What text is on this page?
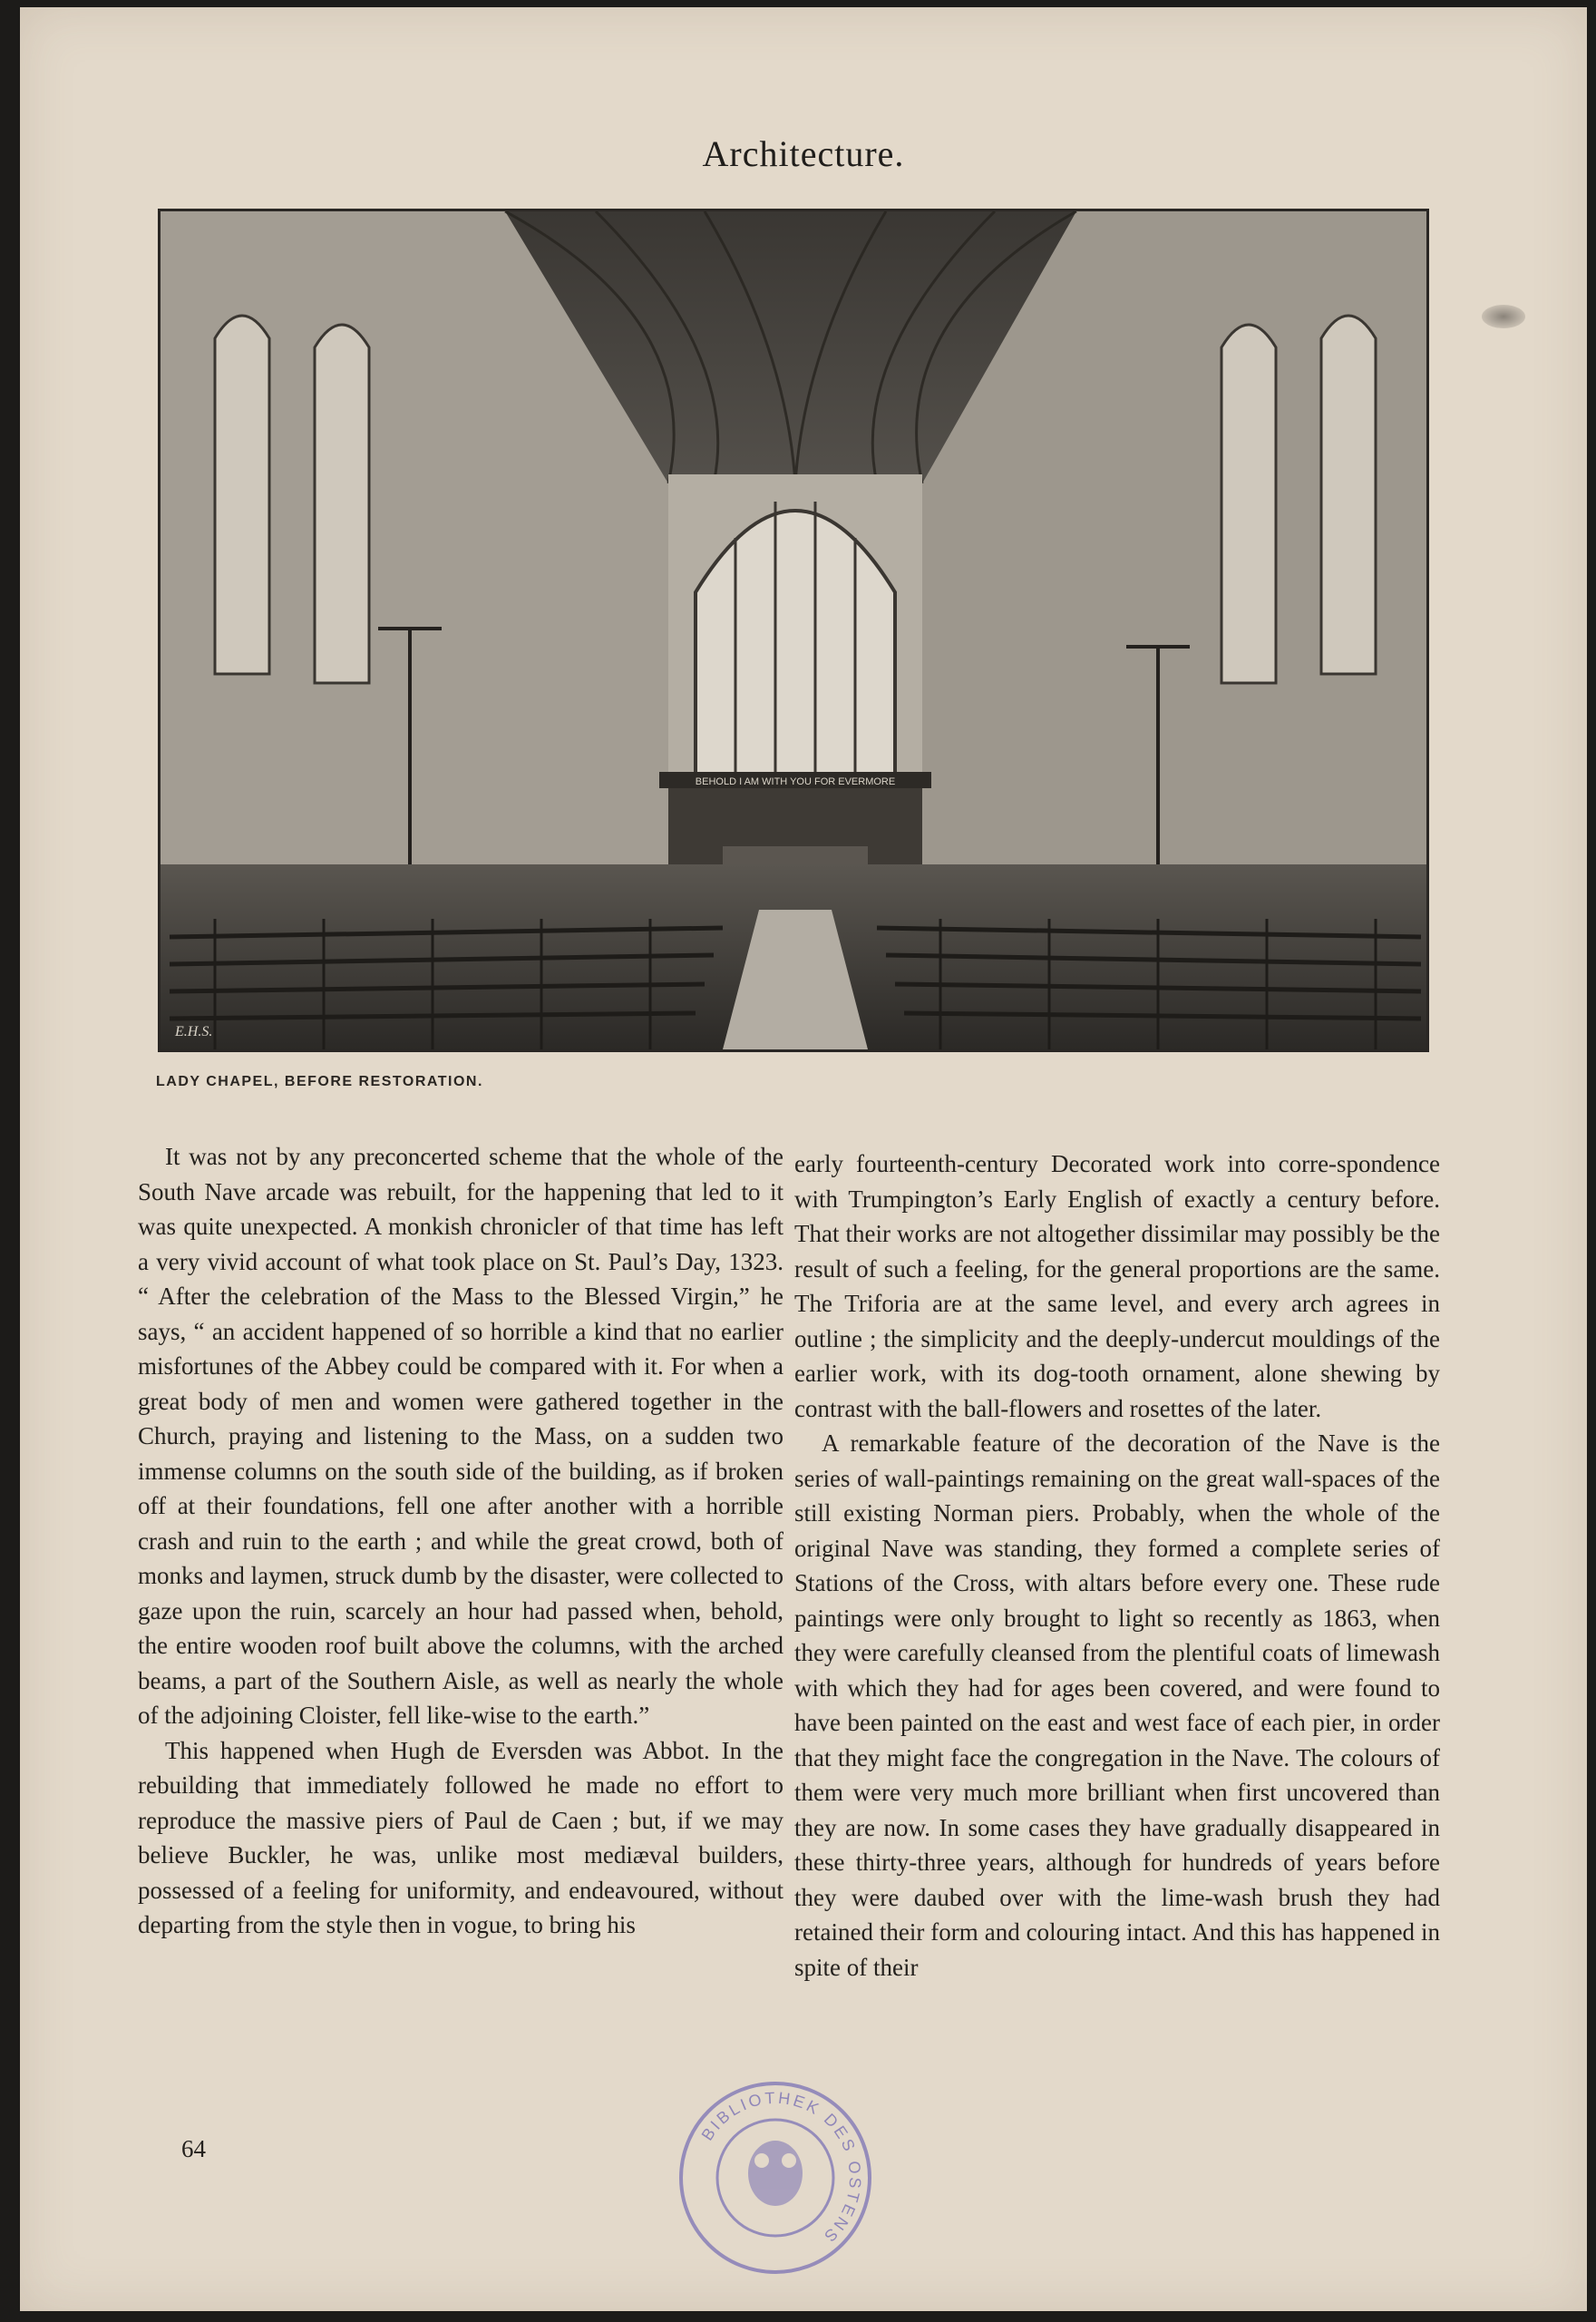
Architecture.
BEHOLD I AM WITH YOU FOR EVERMORE
E.H.S.
LADY CHAPEL, BEFORE RESTORATION.

It was not by any preconcerted scheme that the whole of the South Nave arcade was rebuilt, for the happening that led to it was quite unexpected. A monkish chronicler of that time has left a very vivid account of what took place on St. Paul’s Day, 1323. “ After the celebration of the Mass to the Blessed Virgin,” he says, “ an accident happened of so horrible a kind that no earlier misfortunes of the Abbey could be compared with it. For when a great body of men and women were gathered together in the Church, praying and listening to the Mass, on a sudden two immense columns on the south side of the building, as if broken off at their foundations, fell one after another with a horrible crash and ruin to the earth ; and while the great crowd, both of monks and laymen, struck dumb by the disaster, were collected to gaze upon the ruin, scarcely an hour had passed when, behold, the entire wooden roof built above the columns, with the arched beams, a part of the Southern Aisle, as well as nearly the whole of the adjoining Cloister, fell like-wise to the earth.”

This happened when Hugh de Eversden was Abbot. In the rebuilding that immediately followed he made no effort to reproduce the massive piers of Paul de Caen ; but, if we may believe Buckler, he was, unlike most mediæval builders, possessed of a feeling for uniformity, and endeavoured, without departing from the style then in vogue, to bring his

early fourteenth-century Decorated work into corre-spondence with Trumpington’s Early English of exactly a century before. That their works are not altogether dissimilar may possibly be the result of such a feeling, for the general proportions are the same. The Triforia are at the same level, and every arch agrees in outline ; the simplicity and the deeply-undercut mouldings of the earlier work, with its dog-tooth ornament, alone shewing by contrast with the ball-flowers and rosettes of the later.

A remarkable feature of the decoration of the Nave is the series of wall-paintings remaining on the great wall-spaces of the still existing Norman piers. Probably, when the whole of the original Nave was standing, they formed a complete series of Stations of the Cross, with altars before every one. These rude paintings were only brought to light so recently as 1863, when they were carefully cleansed from the plentiful coats of limewash with which they had for ages been covered, and were found to have been painted on the east and west face of each pier, in order that they might face the congregation in the Nave. The colours of them were very much more brilliant when first uncovered than they are now. In some cases they have gradually disappeared in these thirty-three years, although for hundreds of years before they were daubed over with the lime-wash brush they had retained their form and colouring intact. And this has happened in spite of their

64
BIBLIOTHEK DES OSTENS
